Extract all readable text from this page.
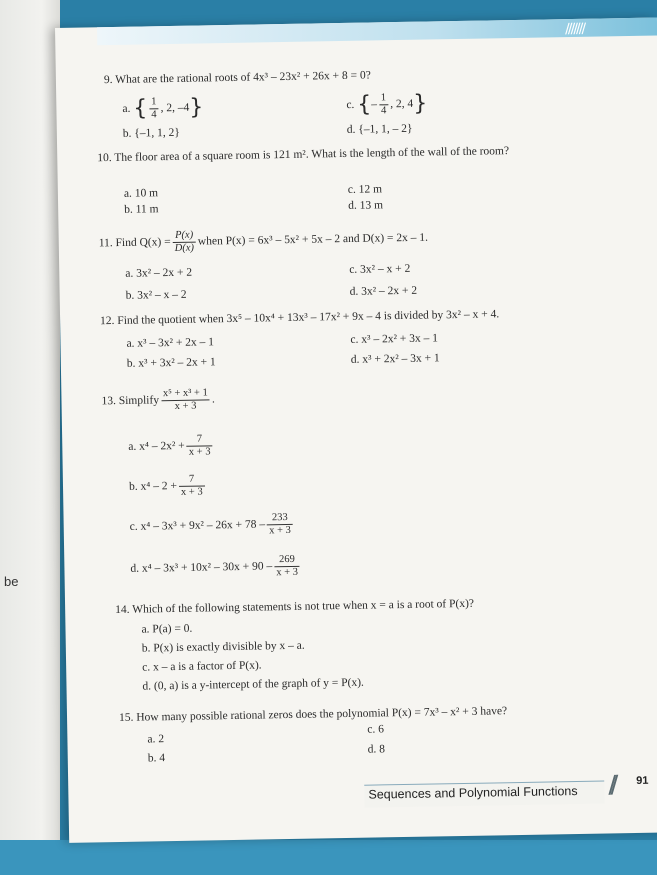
be
///////
9. What are the rational roots of 4x³ – 23x² + 26x + 8 = 0?
a. { $\frac{1}{4}$ , 2, –4}	c. {– $\frac{1}{4}$ , 2, 4}
b. {–1, 1, 2}	d. {–1, 1, – 2}
10. The floor area of a square room is 121 m². What is the length of the wall of the room?
a. 10 m	c. 12 m
b. 11 m	d. 13 m
11. Find $Q(x) = \frac{P(x)}{D(x)}$ when P(x) = 6x³ – 5x² + 5x – 2 and D(x) = 2x – 1.
a. 3x² – 2x + 2	c. 3x² – x + 2
b. 3x² – x – 2	d. 3x² – 2x + 2
12. Find the quotient when 3x⁵ – 10x⁴ + 13x³ – 17x² + 9x – 4 is divided by 3x² – x + 4.
a. x³ – 3x² + 2x – 1	c. x³ – 2x² + 3x – 1
b. x³ + 3x² – 2x + 1	d. x³ + 2x² – 3x + 1
13. Simplify $\frac{\text{x⁵ + x³ + 1}}{x + 3}$ .
a. $x^4 - 2x^2 + \frac{7}{x + 3}$
b. $x^4 - 2 + \frac{7}{x + 3}$
c. $x^4 - 3x^3 + 9x^2 - 26x + 78 - \frac{233}{x + 3}$
d. $x^4 - 3x^3 + 10x^2 - 30x + 90 - \frac{269}{x + 3}$
14. Which of the following statements is not true when x = a is a root of P(x)?
a. P(a) = 0.
b. P(x) is exactly divisible by x – a.
c. x – a is a factor of P(x).
d. (0, a) is a y-intercept of the graph of y = P(x).
15. How many possible rational zeros does the polynomial P(x) = 7x³ – x² + 3 have?
a. 2
c. 6
b. 4
d. 8
Sequences and Polynomial Functions // 91
